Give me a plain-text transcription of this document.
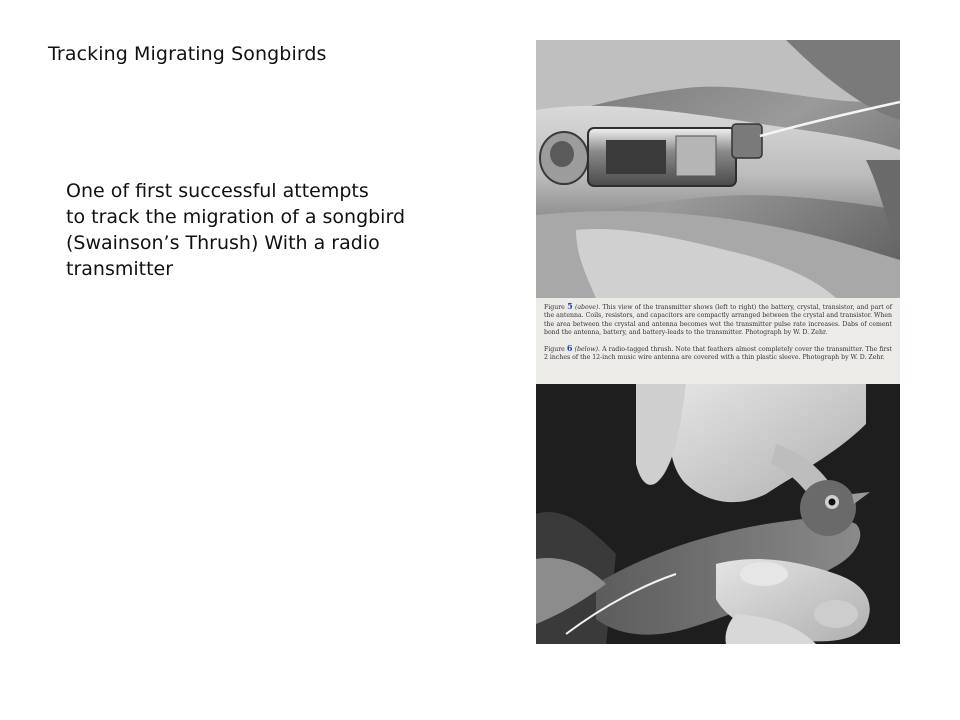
Tracking Migrating Songbirds
One of first successful attempts
to track the migration of a songbird
(Swainson’s Thrush) With a radio
transmitter

Figure 5 (above). This view of the transmitter shows (left to right) the battery, crystal, transistor, and part of the antenna. Coils, resistors, and capacitors are compactly arranged between the crystal and transistor. When the area between the crystal and antenna becomes wet the transmitter pulse rate increases. Dabs of cement bond the antenna, battery, and battery-leads to the transmitter. Photograph by W. D. Zehr.

Figure 6 (below). A radio-tagged thrush. Note that feathers almost completely cover the transmitter. The first 2 inches of the 12-inch music wire antenna are covered with a thin plastic sleeve. Photograph by W. D. Zehr.
